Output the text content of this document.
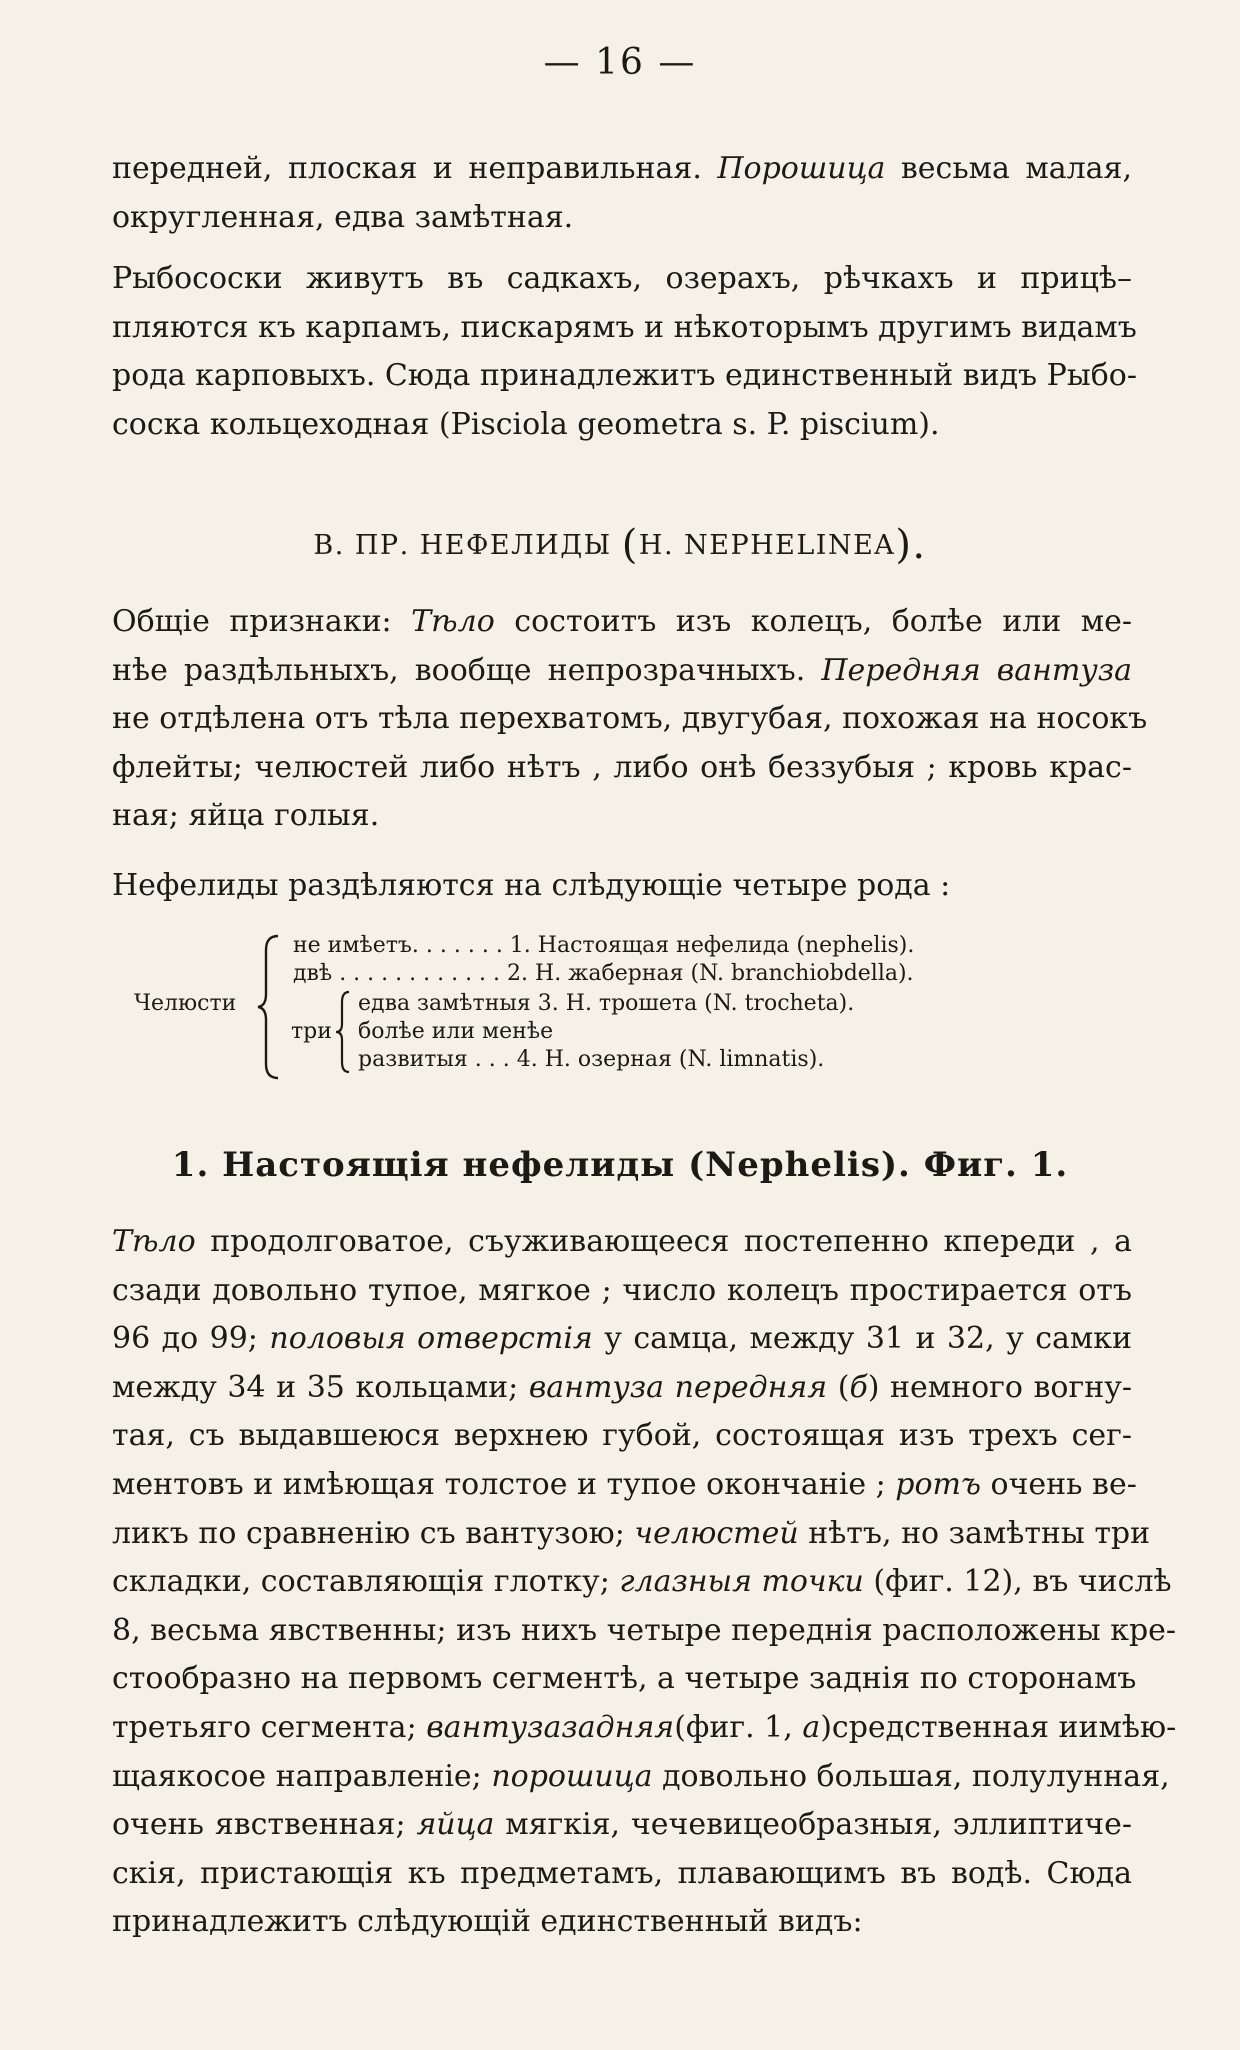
— 16 —
передней, плоская и неправильная. Порошица весьма малая,
округленная, едва замѣтная.
Рыбососки живутъ въ садкахъ, озерахъ, рѣчкахъ и прицѣ–
пляются къ карпамъ, пискарямъ и нѣкоторымъ другимъ видамъ
рода карповыхъ. Сюда принадлежитъ единственный видъ Рыбо-
соска кольцеходная (Piscіоlа geometra s. P. piscium).
В. ПР. НЕФЕЛИДЫ (Н. NEPHELINEA).
Общіе признаки: Тѣло состоитъ изъ колецъ, болѣе или ме-
нѣе раздѣльныхъ, вообще непрозрачныхъ. Передняя вантуза
не отдѣлена отъ тѣла перехватомъ, двугубая, похожая на носокъ
флейты; челюстей либо нѣтъ , либо онѣ беззубыя ; кровь крас-
ная; яйца голыя.
Нефелиды раздѣляются на слѣдующіе четыре рода :
Челюсти
не имѣетъ. . . . . . . 1. Настоящая нефелида (nephelis).
двѣ . . . . . . . . . . . . 2. Н. жаберная (N. branchiobdella).
три
едва замѣтныя 3. Н. трошета (N. trocheta).
болѣе или менѣе
развитыя . . . 4. Н. озерная (N. limnatis).
1. Настоящія нефелиды (Nephelis). Фиг. 1.
Тѣло продолговатое, съуживающееся постепенно кпереди , а
сзади довольно тупое, мягкое ; число колецъ простирается отъ
96 до 99; половыя отверстія у самца, между 31 и 32, у самки
между 34 и 35 кольцами; вантуза передняя (б) немного вогну-
тая, съ выдавшеюся верхнею губой, состоящая изъ трехъ сег-
ментовъ и имѣющая толстое и тупое окончаніе ; ротъ очень ве-
ликъ по сравненію съ вантузою; челюстей нѣтъ, но замѣтны три
складки, составляющія глотку; глазныя точки (фиг. 12), въ числѣ
8, весьма явственны; изъ нихъ четыре переднія расположены кре-
стообразно на первомъ сегментѣ, а четыре заднія по сторонамъ
третьяго сегмента; вантузазадняя(фиг. 1, а)средственная иимѣю-
щаякосое направленіе; порошица довольно большая, полулунная,
очень явственная; яйца мягкія, чечевицеобразныя, эллиптиче-
скія, пристающія къ предметамъ, плавающимъ въ водѣ. Сюда
принадлежитъ слѣдующій единственный видъ:
